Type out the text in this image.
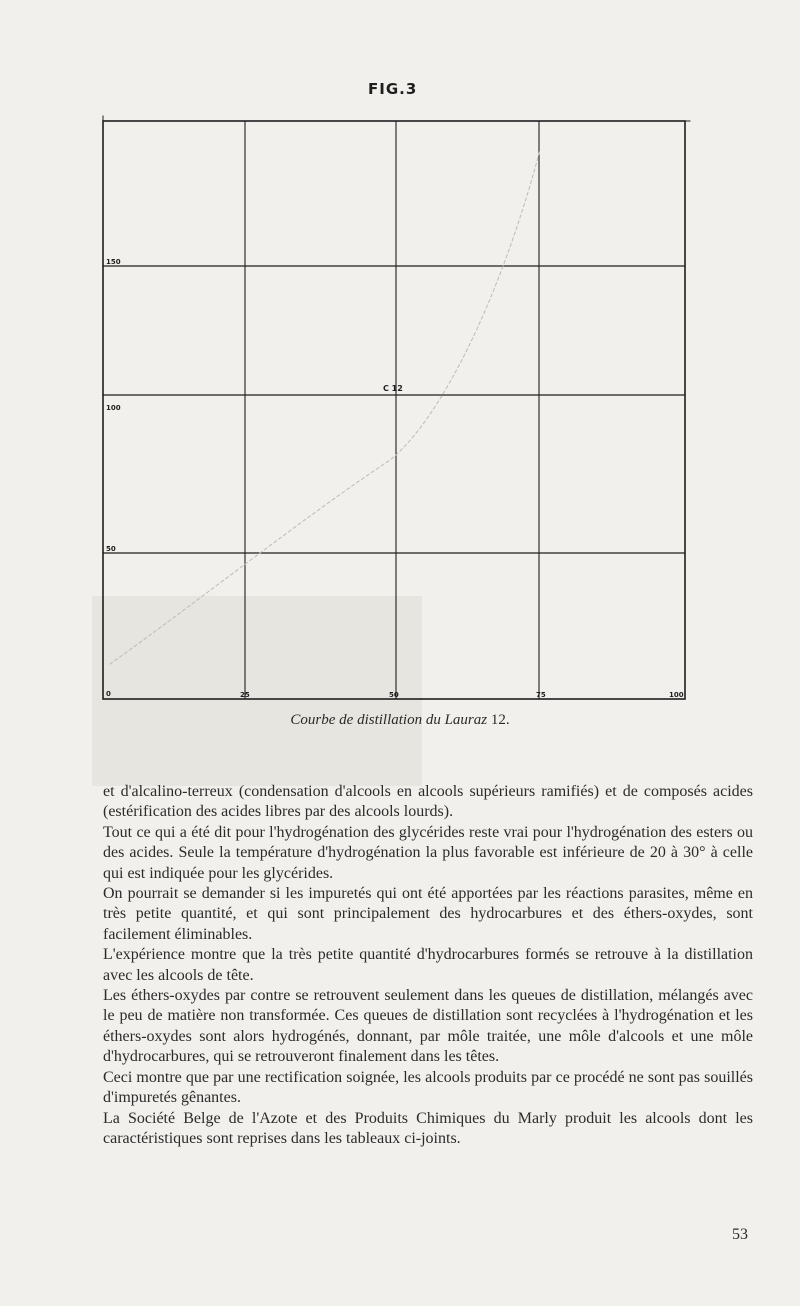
FIG.3
150
100
50
0	25	50	75	100
C 12
Courbe de distillation du Lauraz 12.

et d'alcalino-terreux (condensation d'alcools en alcools supérieurs ramifiés) et de composés acides (estérification des acides libres par des alcools lourds).

Tout ce qui a été dit pour l'hydrogénation des glycérides reste vrai pour l'hydrogénation des esters ou des acides. Seule la température d'hydrogénation la plus favorable est inférieure de 20 à 30° à celle qui est indiquée pour les glycérides.

On pourrait se demander si les impuretés qui ont été apportées par les réactions parasites, même en très petite quantité, et qui sont principalement des hydrocarbures et des éthers-oxydes, sont facilement éliminables.

L'expérience montre que la très petite quantité d'hydrocarbures formés se retrouve à la distillation avec les alcools de tête.

Les éthers-oxydes par contre se retrouvent seulement dans les queues de distillation, mélangés avec le peu de matière non transformée. Ces queues de distillation sont recyclées à l'hydrogénation et les éthers-oxydes sont alors hydrogénés, donnant, par môle traitée, une môle d'alcools et une môle d'hydrocarbures, qui se retrouveront finalement dans les têtes.

Ceci montre que par une rectification soignée, les alcools produits par ce procédé ne sont pas souillés d'impuretés gênantes.

La Société Belge de l'Azote et des Produits Chimiques du Marly produit les alcools dont les caractéristiques sont reprises dans les tableaux ci-joints.

53
